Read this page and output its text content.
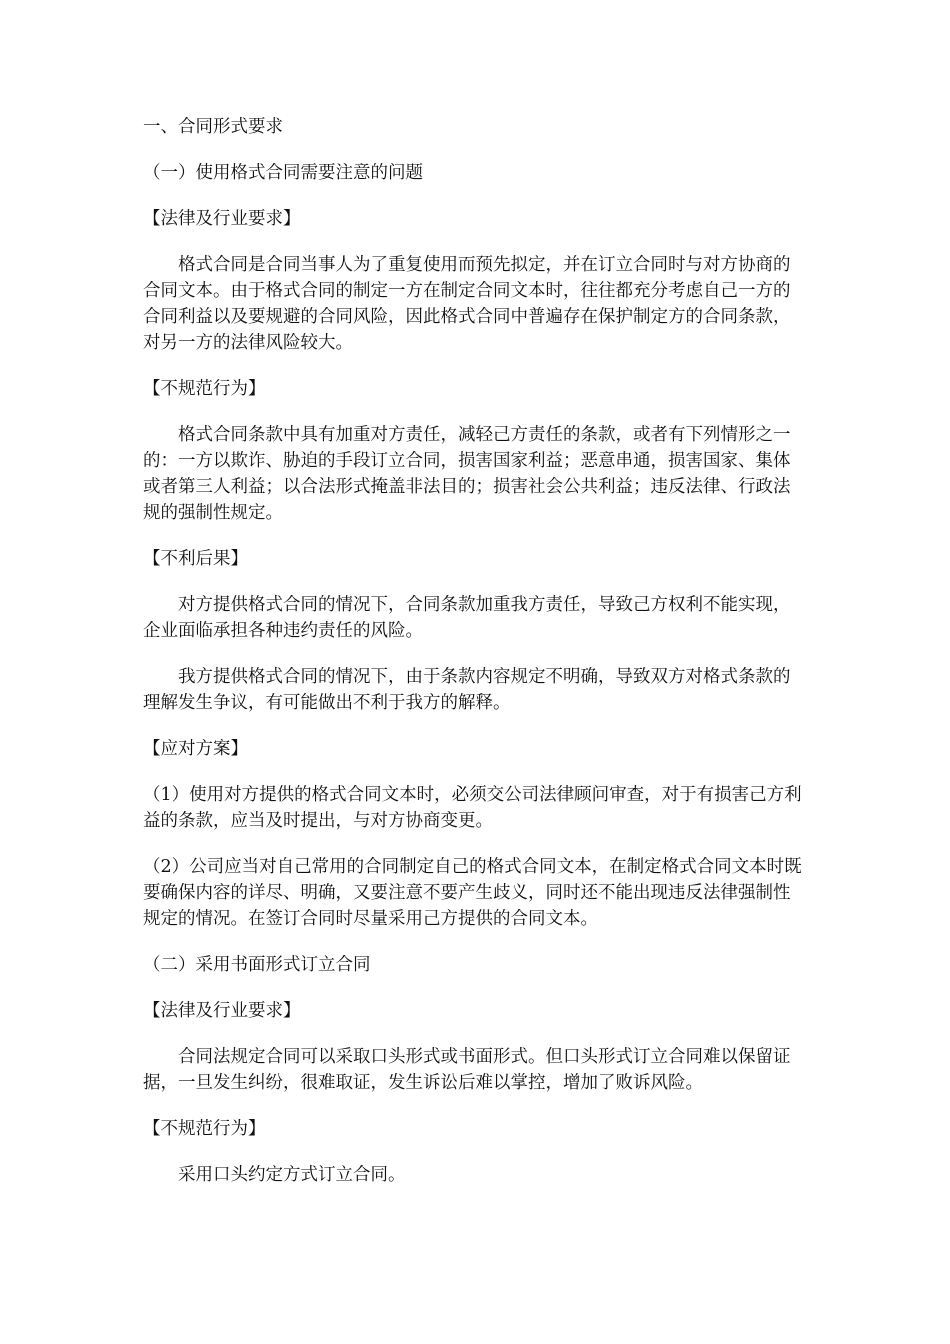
一、合同形式要求

（一）使用格式合同需要注意的问题

【法律及行业要求】

格式合同是合同当事人为了重复使用而预先拟定，并在订立合同时与对方协商的合同文本。由于格式合同的制定一方在制定合同文本时，往往都充分考虑自己一方的合同利益以及要规避的合同风险，因此格式合同中普遍存在保护制定方的合同条款，对另一方的法律风险较大。

【不规范行为】

格式合同条款中具有加重对方责任，减轻己方责任的条款，或者有下列情形之一的：一方以欺诈、胁迫的手段订立合同，损害国家利益；恶意串通，损害国家、集体或者第三人利益；以合法形式掩盖非法目的；损害社会公共利益；违反法律、行政法规的强制性规定。

【不利后果】

对方提供格式合同的情况下，合同条款加重我方责任，导致己方权利不能实现，企业面临承担各种违约责任的风险。

我方提供格式合同的情况下，由于条款内容规定不明确，导致双方对格式条款的理解发生争议，有可能做出不利于我方的解释。

【应对方案】

（1）使用对方提供的格式合同文本时，必须交公司法律顾问审查，对于有损害己方利益的条款，应当及时提出，与对方协商变更。

（2）公司应当对自己常用的合同制定自己的格式合同文本，在制定格式合同文本时既要确保内容的详尽、明确，又要注意不要产生歧义，同时还不能出现违反法律强制性规定的情况。在签订合同时尽量采用己方提供的合同文本。

（二）采用书面形式订立合同

【法律及行业要求】

合同法规定合同可以采取口头形式或书面形式。但口头形式订立合同难以保留证据，一旦发生纠纷，很难取证，发生诉讼后难以掌控，增加了败诉风险。

【不规范行为】

采用口头约定方式订立合同。
